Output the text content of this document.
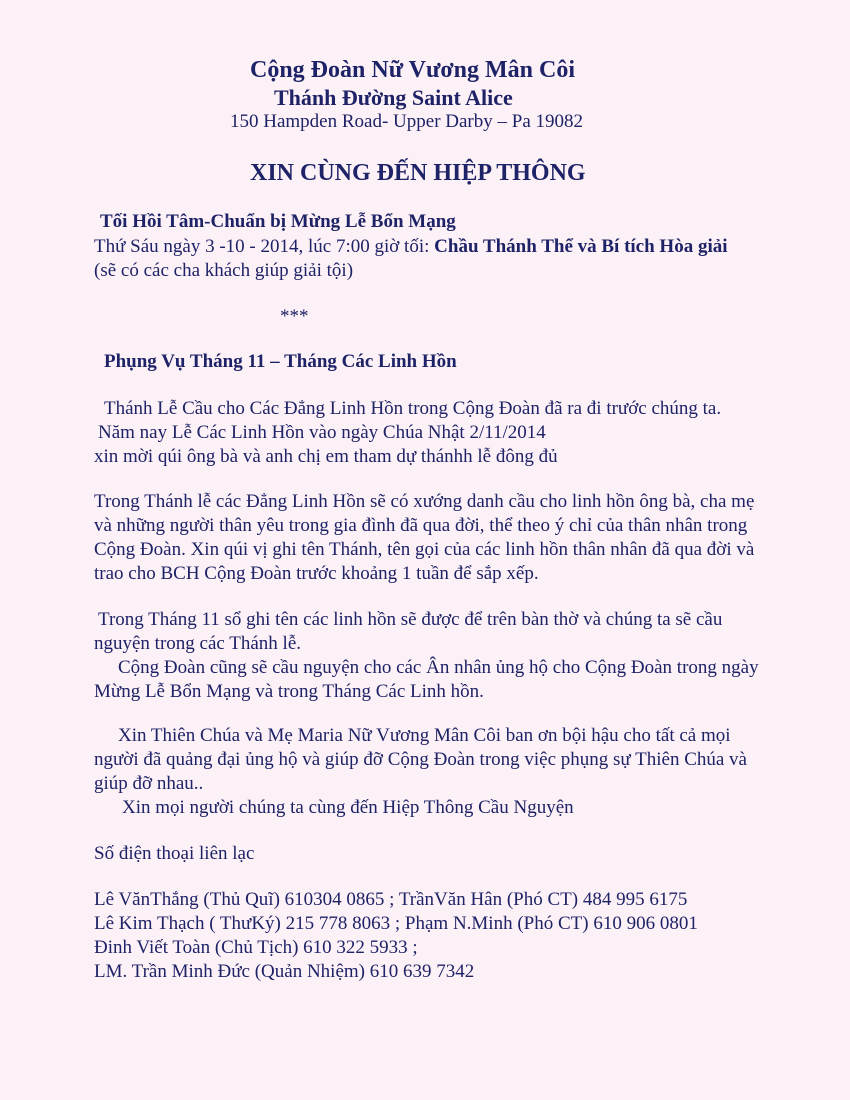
Cộng Đoàn Nữ Vương Mân Côi
Thánh Đường Saint Alice
150 Hampden Road- Upper Darby – Pa 19082
XIN CÙNG ĐẾN HIỆP THÔNG
Tối Hồi Tâm-Chuẩn bị Mừng Lễ Bổn Mạng
Thứ Sáu ngày 3 -10 - 2014, lúc 7:00 giờ tối: Chầu Thánh Thể và Bí tích Hòa giải
(sẽ có các cha khách giúp giải tội)
***
Phụng Vụ Tháng 11 – Tháng Các Linh Hồn
Thánh Lễ Cầu cho Các Đẳng Linh Hồn trong Cộng Đoàn đã ra đi trước chúng ta.
Năm nay Lễ Các Linh Hồn vào ngày Chúa Nhật 2/11/2014
xin mời qúi ông bà và anh chị em tham dự thánhh lễ đông đủ
Trong Thánh lễ các Đẳng Linh Hồn sẽ có xướng danh cầu cho linh hồn ông bà, cha mẹ
và những người thân yêu trong gia đình đã qua đời, thể theo ý chỉ của thân nhân trong
Cộng Đoàn. Xin qúi vị ghi tên Thánh, tên gọi của các linh hồn thân nhân đã qua đời và
trao cho BCH Cộng Đoàn trước khoảng 1 tuần để sắp xếp.
Trong Tháng 11 sổ ghi tên các linh hồn sẽ được để trên bàn thờ và chúng ta sẽ cầu
nguyện trong các Thánh lễ.
Cộng Đoàn cũng sẽ cầu nguyện cho các Ân nhân ủng hộ cho Cộng Đoàn trong ngày
Mừng Lễ Bổn Mạng và trong Tháng Các Linh hồn.
Xin Thiên Chúa và Mẹ Maria Nữ Vương Mân Côi ban ơn bội hậu cho tất cả mọi
người đã quảng đại ủng hộ và giúp đỡ Cộng Đoàn trong việc phụng sự Thiên Chúa và
giúp đỡ nhau..
Xin mọi người chúng ta cùng đến Hiệp Thông Cầu Nguyện
Số điện thoại liên lạc
Lê VănThắng (Thủ Quĩ) 610304 0865 ; TrầnVăn Hân (Phó CT) 484 995 6175
Lê Kim Thạch ( ThưKý) 215 778 8063 ; Phạm N.Minh (Phó CT) 610 906 0801
Đinh Viết Toàn (Chủ Tịch) 610 322 5933 ;
LM. Trần Minh Đức (Quản Nhiệm) 610 639 7342
